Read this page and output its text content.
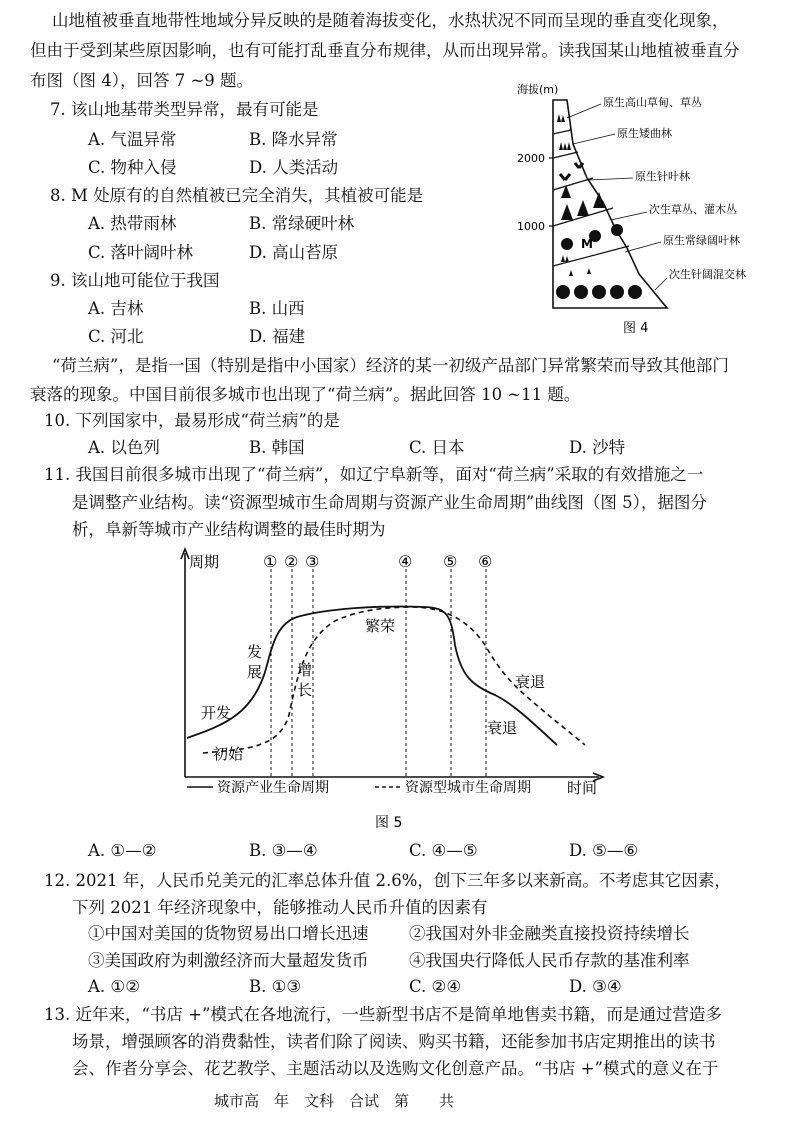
山地植被垂直地带性地域分异反映的是随着海拔变化，水热状况不同而呈现的垂直变化现象，
但由于受到某些原因影响，也有可能打乱垂直分布规律，从而出现异常。读我国某山地植被垂直分
布图（图 4），回答 7 ~9 题。
7. 该山地基带类型异常，最有可能是
A. 气温异常	B. 降水异常
C. 物种入侵	D. 人类活动
8. M 处原有的自然植被已完全消失，其植被可能是
A. 热带雨林	B. 常绿硬叶林
C. 落叶阔叶林	D. 高山苔原
9. 该山地可能位于我国
A. 吉林	B. 山西
C. 河北	D. 福建
海拔(m)
2000
1000
M
原生高山草甸、草丛
原生矮曲林
原生针叶林
次生草丛、灌木丛
原生常绿阔叶林
次生针阔混交林
图 4
“荷兰病”，是指一国（特别是指中小国家）经济的某一初级产品部门异常繁荣而导致其他部门
衰落的现象。中国目前很多城市也出现了“荷兰病”。据此回答 10 ~11 题。
10. 下列国家中，最易形成“荷兰病”的是
A. 以色列	B. 韩国	C. 日本	D. 沙特
11. 我国目前很多城市出现了“荷兰病”，如辽宁阜新等，面对“荷兰病”采取的有效措施之一
是调整产业结构。读“资源型城市生命周期与资源产业生命周期”曲线图（图 5），据图分
析，阜新等城市产业结构调整的最佳时期为
周期
时间
① ② ③	④ ⑤ ⑥
开发
发
展
繁荣
衰退
初始
增
长	衰退
资源产业生命周期	资源型城市生命周期
图 5
A. ①—②	B. ③—④	C. ④—⑤	D. ⑤—⑥
12. 2021 年，人民币兑美元的汇率总体升值 2.6%，创下三年多以来新高。不考虑其它因素，
下列 2021 年经济现象中，能够推动人民币升值的因素有
①中国对美国的货物贸易出口增长迅速 ②我国对外非金融类直接投资持续增长
③美国政府为刺激经济而大量超发货币 ④我国央行降低人民币存款的基准利率
A. ①②	B. ①③	C. ②④	D. ③④
13. 近年来，“书店 +”模式在各地流行，一些新型书店不是简单地售卖书籍，而是通过营造多
场景，增强顾客的消费黏性，读者们除了阅读、购买书籍，还能参加书店定期推出的读书
会、作者分享会、花艺教学、主题活动以及选购文化创意产品。“书店 +”模式的意义在于
城市高　年　文科　合试　第　　共
